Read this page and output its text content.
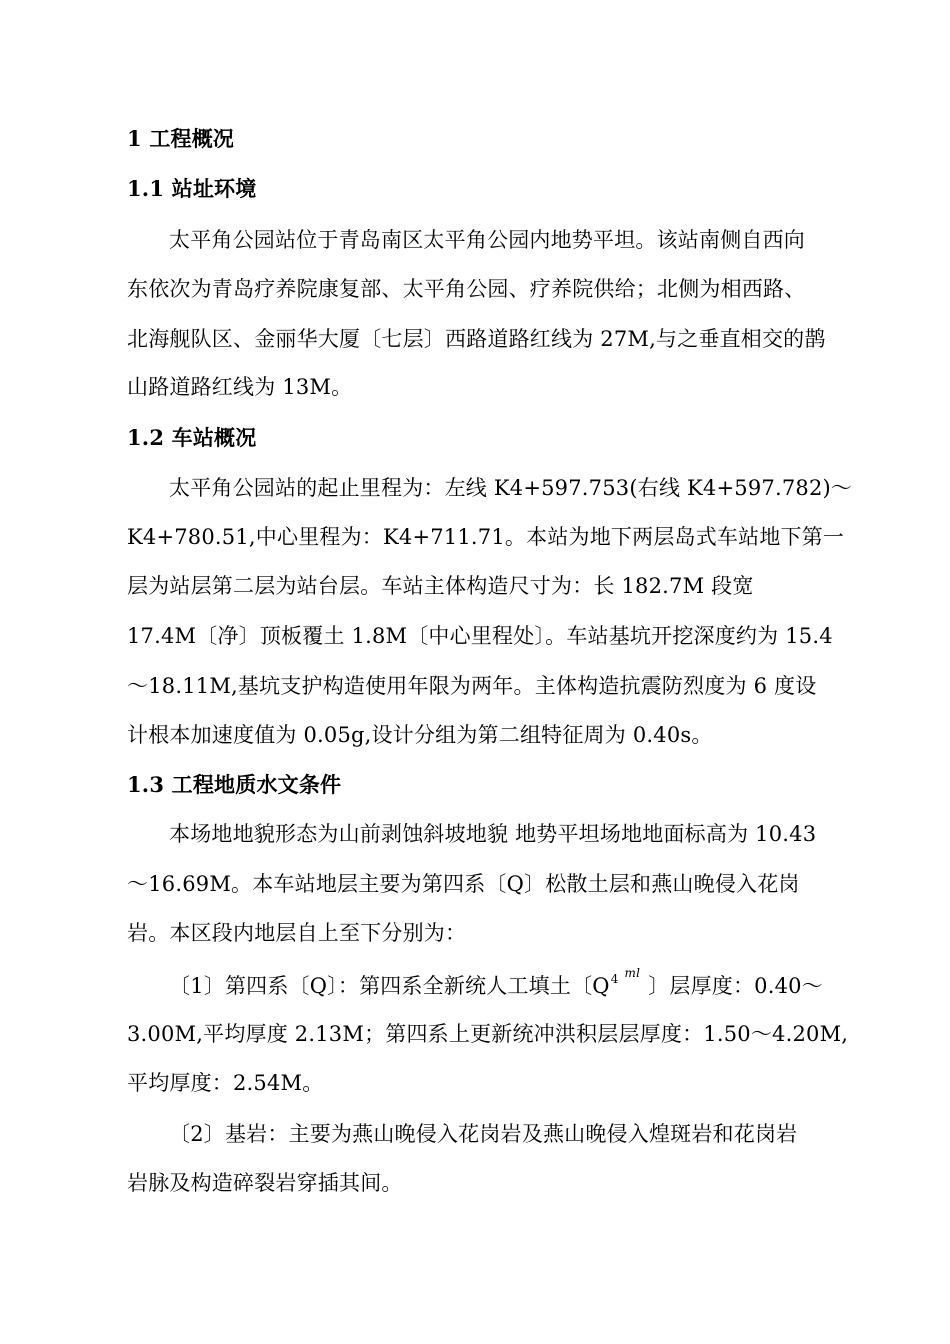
1 工程概况
1.1 站址环境
太平角公园站位于青岛南区太平角公园内地势平坦。该站南侧自西向
东依次为青岛疗养院康复部、太平角公园、疗养院供给；北侧为相西路、
北海舰队区、金丽华大厦〔七层〕西路道路红线为 27M,与之垂直相交的鹊
山路道路红线为 13M。
1.2 车站概况
太平角公园站的起止里程为：左线 K4+597.753(右线 K4+597.782)～
K4+780.51,中心里程为：K4+711.71。本站为地下两层岛式车站地下第一
层为站层第二层为站台层。车站主体构造尺寸为：长 182.7M 段宽
17.4M〔净〕顶板覆土 1.8M〔中心里程处〕。车站基坑开挖深度约为 15.4
～18.11M,基坑支护构造使用年限为两年。主体构造抗震防烈度为 6 度设
计根本加速度值为 0.05g,设计分组为第二组特征周为 0.40s。
1.3 工程地质水文条件
本场地地貌形态为山前剥蚀斜坡地貌 地势平坦场地地面标高为 10.43
～16.69M。本车站地层主要为第四系〔Q〕松散土层和燕山晚侵入花岗
岩。本区段内地层自上至下分别为：
〔1〕第四系〔Q〕：第四系全新统人工填土〔Q4 ml〕层厚度：0.40～
3.00M,平均厚度 2.13M；第四系上更新统冲洪积层层厚度：1.50～4.20M,
平均厚度：2.54M。
〔2〕基岩：主要为燕山晚侵入花岗岩及燕山晚侵入煌斑岩和花岗岩
岩脉及构造碎裂岩穿插其间。
